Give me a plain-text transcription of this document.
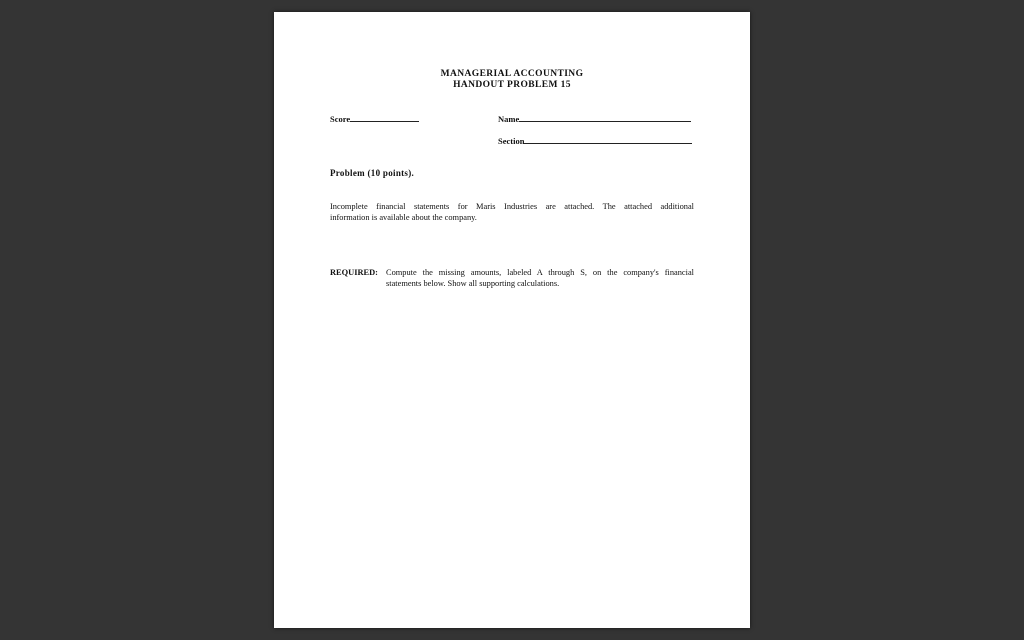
MANAGERIAL ACCOUNTING
HANDOUT PROBLEM 15
Score	Name
Section
Problem (10 points).
Incomplete financial statements for Maris Industries are attached. The attached additional
information is available about the company.
REQUIRED: Compute the missing amounts, labeled A through S, on the company's financial
statements below. Show all supporting calculations.
